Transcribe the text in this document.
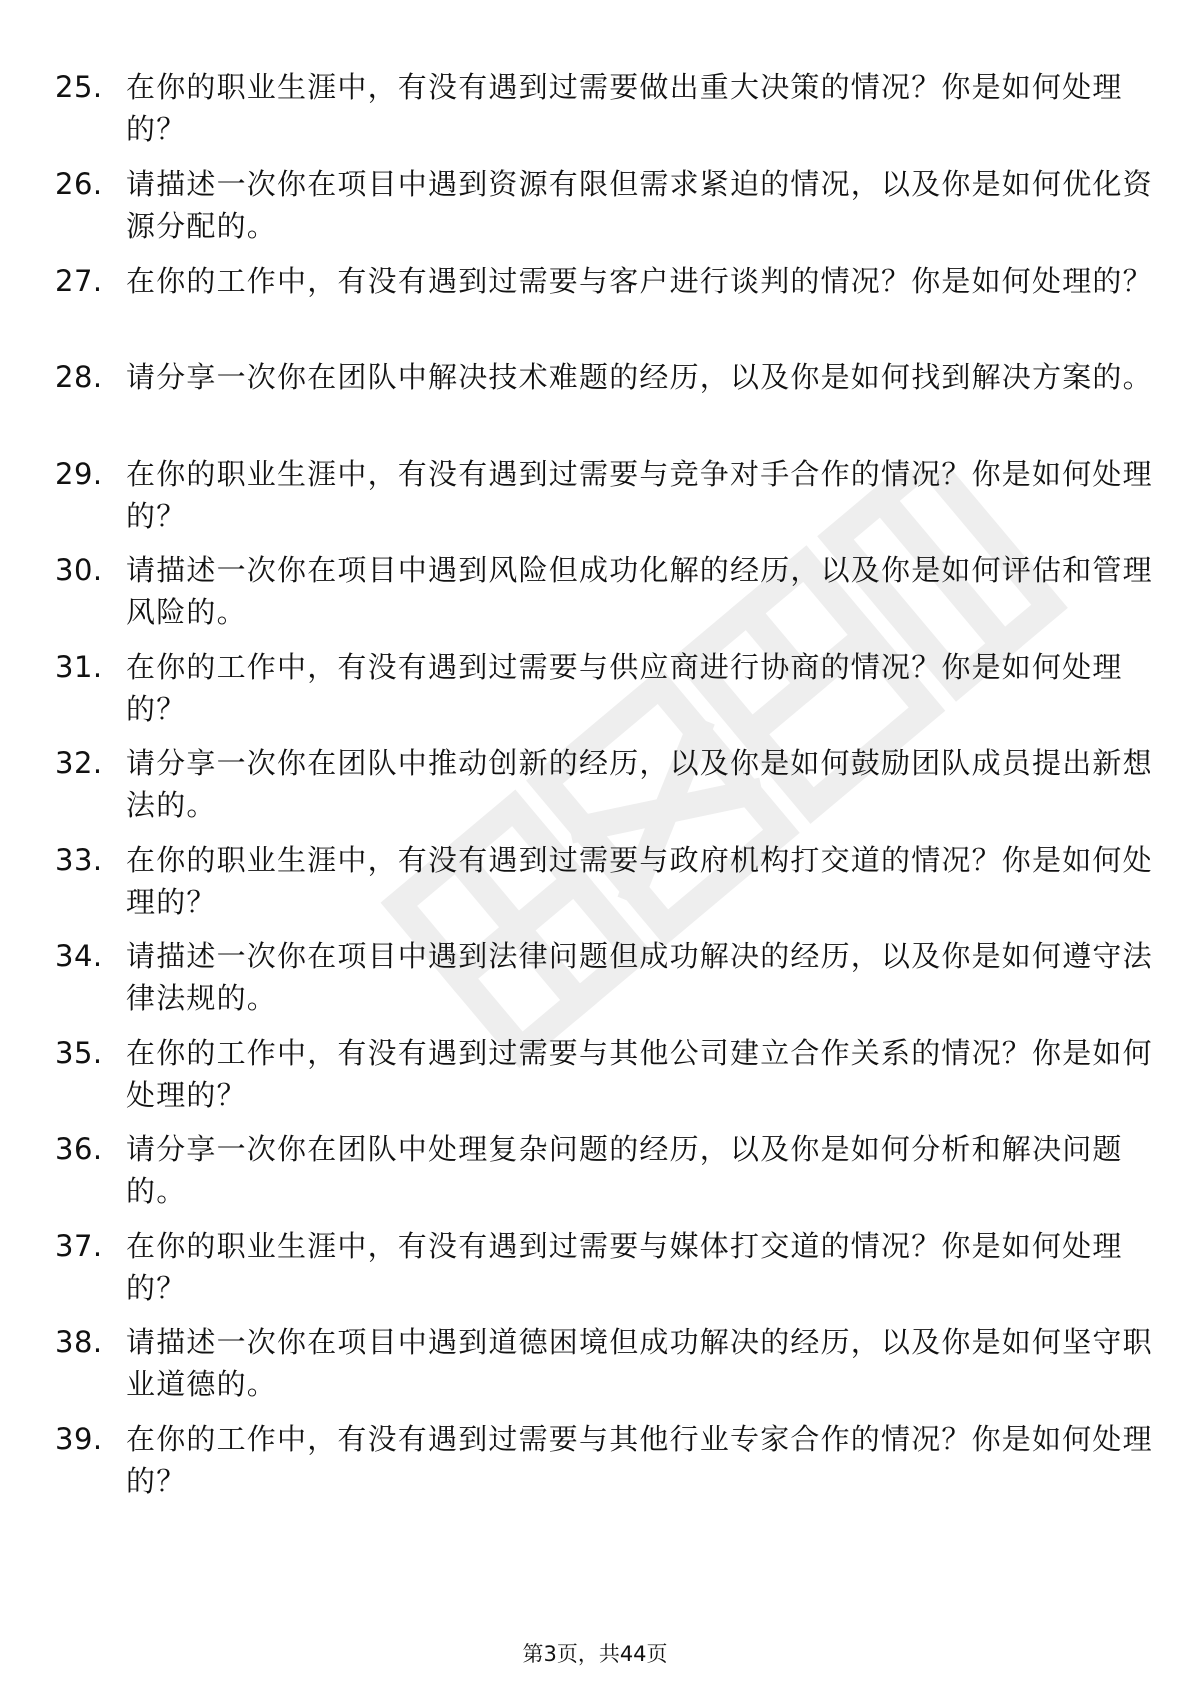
25. 在你的职业生涯中，有没有遇到过需要做出重大决策的情况？你是如何处理的？

26. 请描述一次你在项目中遇到资源有限但需求紧迫的情况，以及你是如何优化资源分配的。

27. 在你的工作中，有没有遇到过需要与客户进行谈判的情况？你是如何处理的？

28. 请分享一次你在团队中解决技术难题的经历，以及你是如何找到解决方案的。

29. 在你的职业生涯中，有没有遇到过需要与竞争对手合作的情况？你是如何处理的？

30. 请描述一次你在项目中遇到风险但成功化解的经历，以及你是如何评估和管理风险的。

31. 在你的工作中，有没有遇到过需要与供应商进行协商的情况？你是如何处理的？

32. 请分享一次你在团队中推动创新的经历，以及你是如何鼓励团队成员提出新想法的。

33. 在你的职业生涯中，有没有遇到过需要与政府机构打交道的情况？你是如何处理的？

34. 请描述一次你在项目中遇到法律问题但成功解决的经历，以及你是如何遵守法律法规的。

35. 在你的工作中，有没有遇到过需要与其他公司建立合作关系的情况？你是如何处理的？

36. 请分享一次你在团队中处理复杂问题的经历，以及你是如何分析和解决问题的。

37. 在你的职业生涯中，有没有遇到过需要与媒体打交道的情况？你是如何处理的？

38. 请描述一次你在项目中遇到道德困境但成功解决的经历，以及你是如何坚守职业道德的。

39. 在你的工作中，有没有遇到过需要与其他行业专家合作的情况？你是如何处理的？

第3页，共44页
